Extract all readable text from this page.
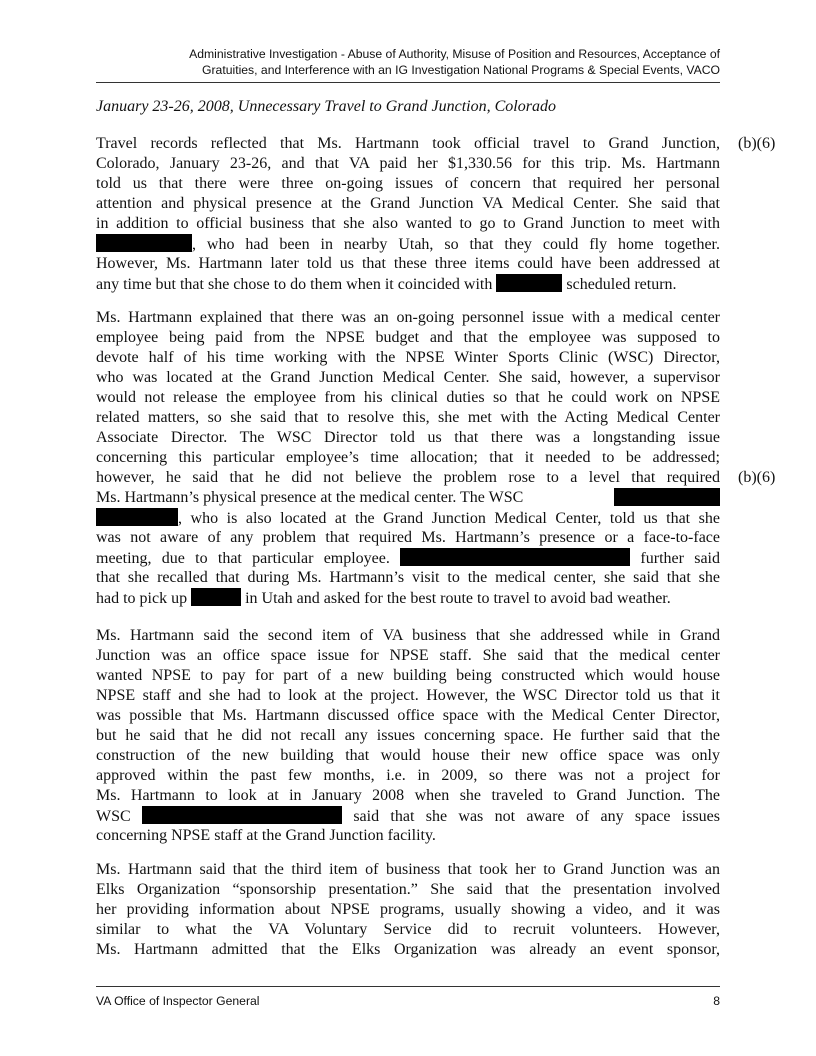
Administrative Investigation - Abuse of Authority, Misuse of Position and Resources, Acceptance of
Gratuities, and Interference with an IG Investigation National Programs & Special Events, VACO
January 23-26, 2008, Unnecessary Travel to Grand Junction, Colorado
Travel records reflected that Ms. Hartmann took official travel to Grand Junction,
Colorado, January 23-26, and that VA paid her $1,330.56 for this trip. Ms. Hartmann
told us that there were three on-going issues of concern that required her personal
attention and physical presence at the Grand Junction VA Medical Center. She said that
in addition to official business that she also wanted to go to Grand Junction to meet with
, who had been in nearby Utah, so that they could fly home together.
However, Ms. Hartmann later told us that these three items could have been addressed at
any time but that she chose to do them when it coincided with	scheduled return.
(b)(6)
Ms. Hartmann explained that there was an on-going personnel issue with a medical center
employee being paid from the NPSE budget and that the employee was supposed to
devote half of his time working with the NPSE Winter Sports Clinic (WSC) Director,
who was located at the Grand Junction Medical Center. She said, however, a supervisor
would not release the employee from his clinical duties so that he could work on NPSE
related matters, so she said that to resolve this, she met with the Acting Medical Center
Associate Director. The WSC Director told us that there was a longstanding issue
concerning this particular employee’s time allocation; that it needed to be addressed;
however, he said that he did not believe the problem rose to a level that required
Ms. Hartmann’s physical presence at the medical center. The WSC
, who is also located at the Grand Junction Medical Center, told us that she
was not aware of any problem that required Ms. Hartmann’s presence or a face-to-face
meeting, due to that particular employee.	further said
that she recalled that during Ms. Hartmann’s visit to the medical center, she said that she
had to pick up	in Utah and asked for the best route to travel to avoid bad weather.
(b)(6)
Ms. Hartmann said the second item of VA business that she addressed while in Grand
Junction was an office space issue for NPSE staff. She said that the medical center
wanted NPSE to pay for part of a new building being constructed which would house
NPSE staff and she had to look at the project. However, the WSC Director told us that it
was possible that Ms. Hartmann discussed office space with the Medical Center Director,
but he said that he did not recall any issues concerning space. He further said that the
construction of the new building that would house their new office space was only
approved within the past few months, i.e. in 2009, so there was not a project for
Ms. Hartmann to look at in January 2008 when she traveled to Grand Junction. The
WSC	said that she was not aware of any space issues
concerning NPSE staff at the Grand Junction facility.
Ms. Hartmann said that the third item of business that took her to Grand Junction was an
Elks Organization “sponsorship presentation.” She said that the presentation involved
her providing information about NPSE programs, usually showing a video, and it was
similar to what the VA Voluntary Service did to recruit volunteers. However,
Ms. Hartmann admitted that the Elks Organization was already an event sponsor,
VA Office of Inspector General	8
